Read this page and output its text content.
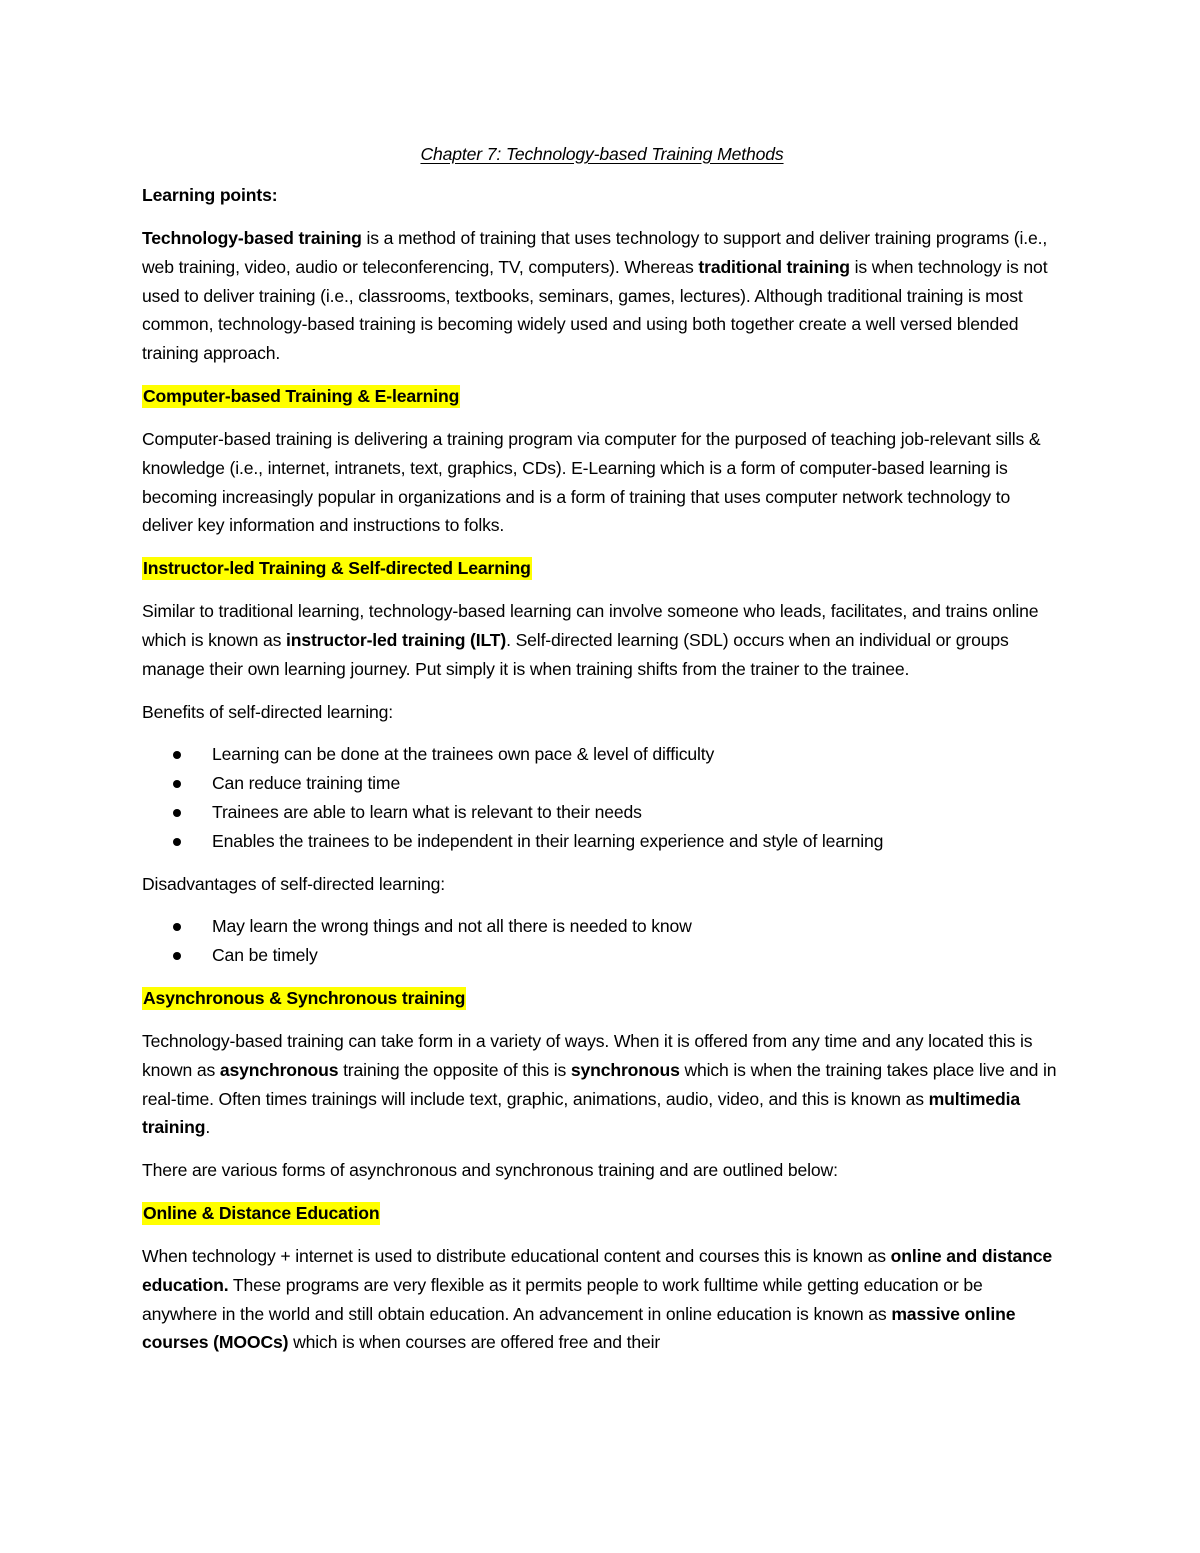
Chapter 7: Technology-based Training Methods

Learning points:

Technology-based training is a method of training that uses technology to support and deliver training programs (i.e., web training, video, audio or teleconferencing, TV, computers). Whereas traditional training is when technology is not used to deliver training (i.e., classrooms, textbooks, seminars, games, lectures). Although traditional training is most common, technology-based training is becoming widely used and using both together create a well versed blended training approach.

Computer-based Training & E-learning

Computer-based training is delivering a training program via computer for the purposed of teaching job-relevant sills & knowledge (i.e., internet, intranets, text, graphics, CDs). E-Learning which is a form of computer-based learning is becoming increasingly popular in organizations and is a form of training that uses computer network technology to deliver key information and instructions to folks.

Instructor-led Training & Self-directed Learning

Similar to traditional learning, technology-based learning can involve someone who leads, facilitates, and trains online which is known as instructor-led training (ILT). Self-directed learning (SDL) occurs when an individual or groups manage their own learning journey. Put simply it is when training shifts from the trainer to the trainee.

Benefits of self-directed learning:

Learning can be done at the trainees own pace & level of difficulty
Can reduce training time
Trainees are able to learn what is relevant to their needs
Enables the trainees to be independent in their learning experience and style of learning

Disadvantages of self-directed learning:

May learn the wrong things and not all there is needed to know
Can be timely

Asynchronous & Synchronous training

Technology-based training can take form in a variety of ways. When it is offered from any time and any located this is known as asynchronous training the opposite of this is synchronous which is when the training takes place live and in real-time. Often times trainings will include text, graphic, animations, audio, video, and this is known as multimedia training.

There are various forms of asynchronous and synchronous training and are outlined below:

Online & Distance Education

When technology + internet is used to distribute educational content and courses this is known as online and distance education. These programs are very flexible as it permits people to work fulltime while getting education or be anywhere in the world and still obtain education. An advancement in online education is known as massive online courses (MOOCs) which is when courses are offered free and their
